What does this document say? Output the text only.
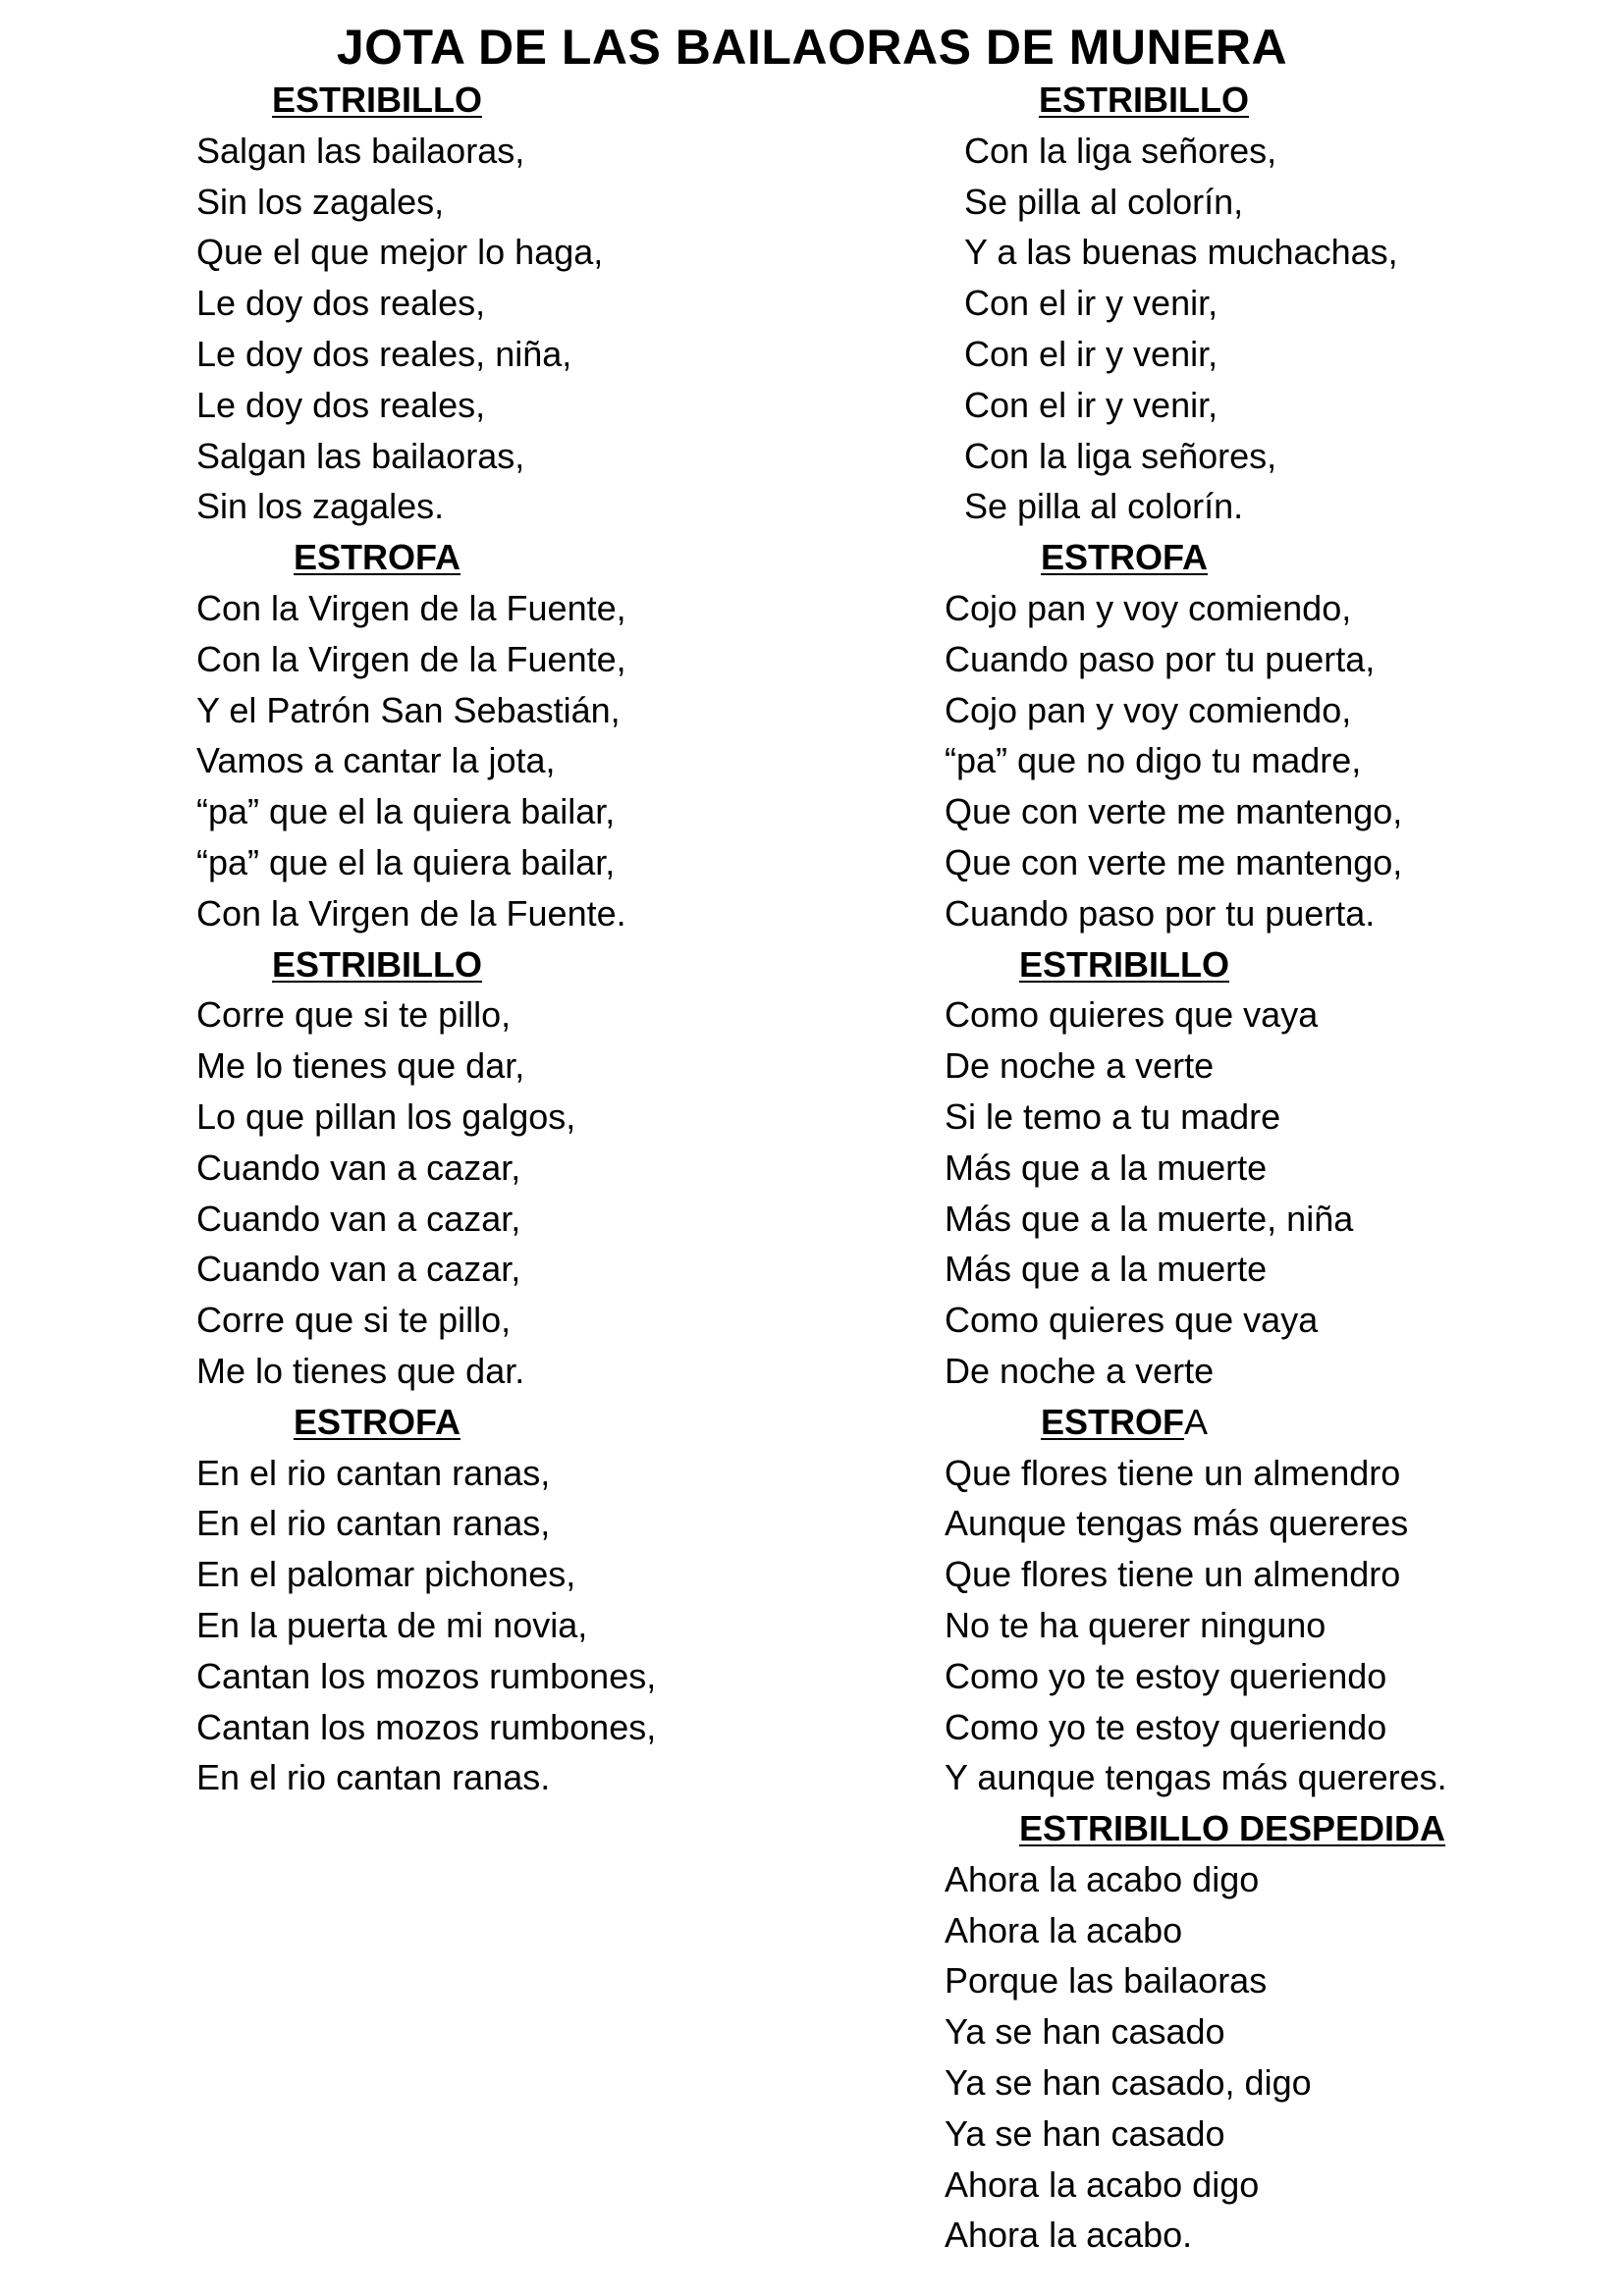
JOTA DE LAS BAILAORAS DE MUNERA
ESTRIBILLO
Salgan las bailaoras,
Sin los zagales,
Que el que mejor lo haga,
Le doy dos reales,
Le doy dos reales, niña,
Le doy dos reales,
Salgan las bailaoras,
Sin los zagales.
ESTROFA
Con la Virgen de la Fuente,
Con la Virgen de la Fuente,
Y el Patrón San Sebastián,
Vamos a cantar la jota,
“pa” que el la quiera bailar,
“pa” que el la quiera bailar,
Con la Virgen de la Fuente.
ESTRIBILLO
Corre que si te pillo,
Me lo tienes que dar,
Lo que pillan los galgos,
Cuando van a cazar,
Cuando van a cazar,
Cuando van a cazar,
Corre que si te pillo,
Me lo tienes que dar.
ESTROFA
En el rio cantan ranas,
En el rio cantan ranas,
En el palomar pichones,
En la puerta de mi novia,
Cantan los mozos rumbones,
Cantan los mozos rumbones,
En el rio cantan ranas.
ESTRIBILLO
Con la liga señores,
Se pilla al colorín,
Y a las buenas muchachas,
Con el ir y venir,
Con el ir y venir,
Con el ir y venir,
Con la liga señores,
Se pilla al colorín.
ESTROFA
Cojo pan y voy comiendo,
Cuando paso por tu puerta,
Cojo pan y voy comiendo,
“pa” que no digo tu madre,
Que con verte me mantengo,
Que con verte me mantengo,
Cuando paso por tu puerta.
ESTRIBILLO
Como quieres que vaya
De noche a verte
Si le temo a tu madre
Más que a la muerte
Más que a la muerte, niña
Más que a la muerte
Como quieres que vaya
De noche a verte
ESTROFA
Que flores tiene un almendro
Aunque tengas más quereres
Que flores tiene un almendro
No te ha querer ninguno
Como yo te estoy queriendo
Como yo te estoy queriendo
Y aunque tengas más quereres.
ESTRIBILLO DESPEDIDA
Ahora la acabo digo
Ahora la acabo
Porque las bailaoras
Ya se han casado
Ya se han casado, digo
Ya se han casado
Ahora la acabo digo
Ahora la acabo.
